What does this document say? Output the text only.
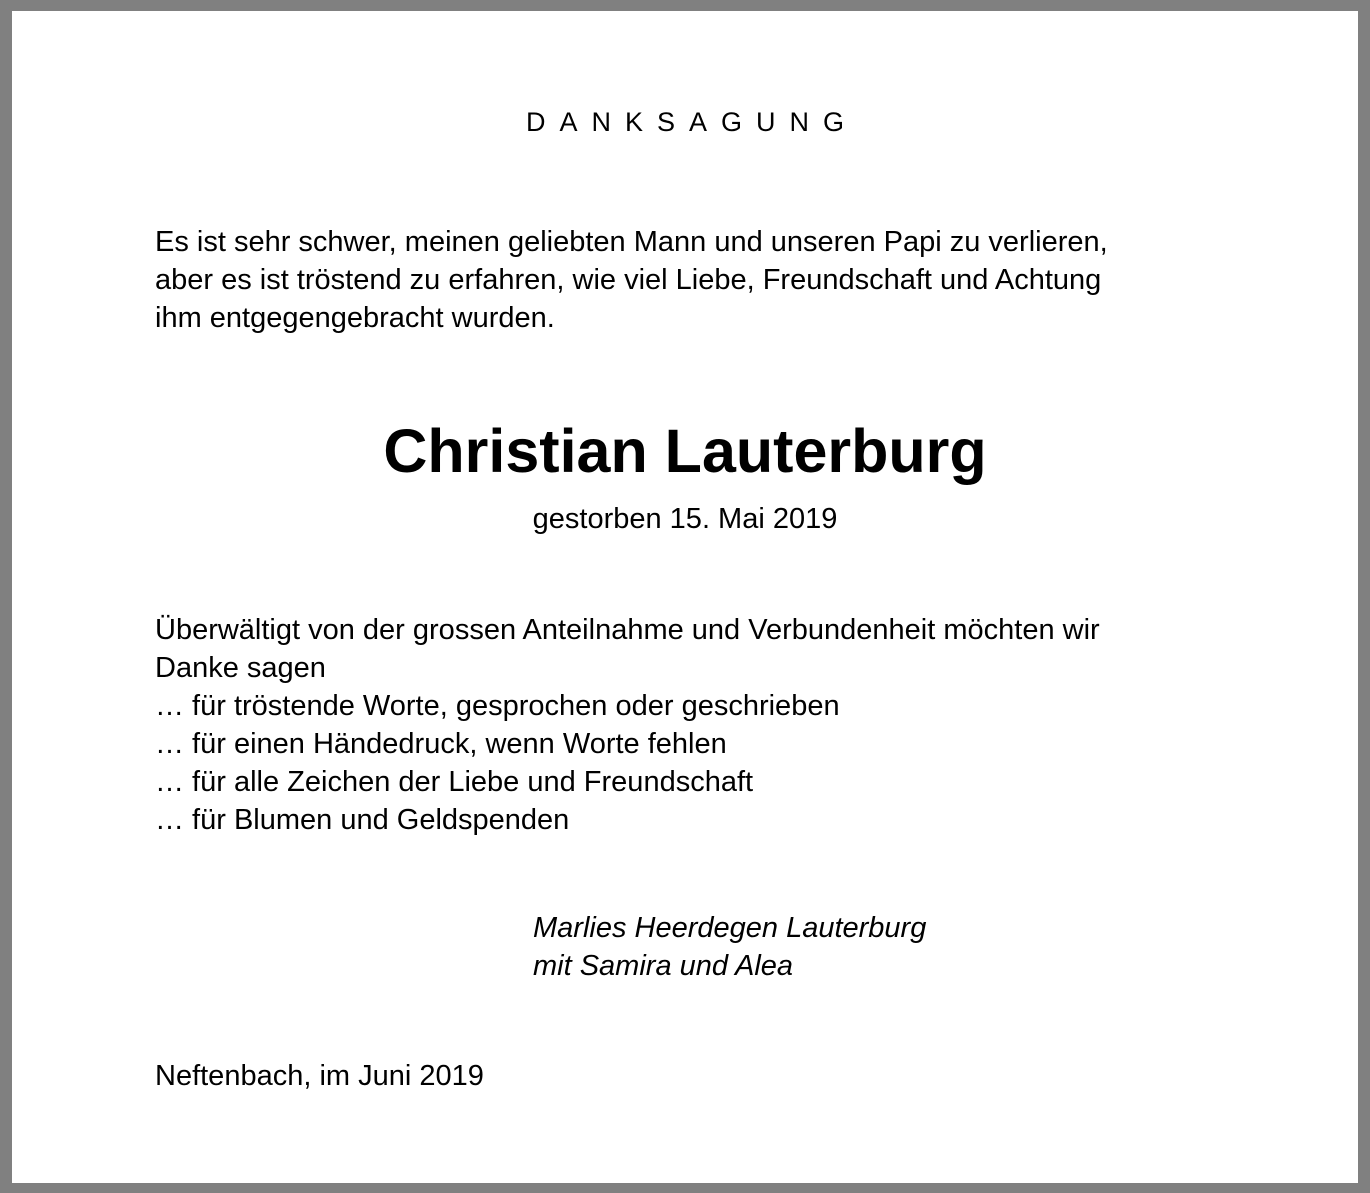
DANKSAGUNG
Es ist sehr schwer, meinen geliebten Mann und unseren Papi zu verlieren,
aber es ist tröstend zu erfahren, wie viel Liebe, Freundschaft und Achtung
ihm entgegengebracht wurden.
Christian Lauterburg
gestorben 15. Mai 2019
Überwältigt von der grossen Anteilnahme und Verbundenheit möchten wir
Danke sagen
… für tröstende Worte, gesprochen oder geschrieben
… für einen Händedruck, wenn Worte fehlen
… für alle Zeichen der Liebe und Freundschaft
… für Blumen und Geldspenden
Marlies Heerdegen Lauterburg
mit Samira und Alea
Neftenbach, im Juni 2019
